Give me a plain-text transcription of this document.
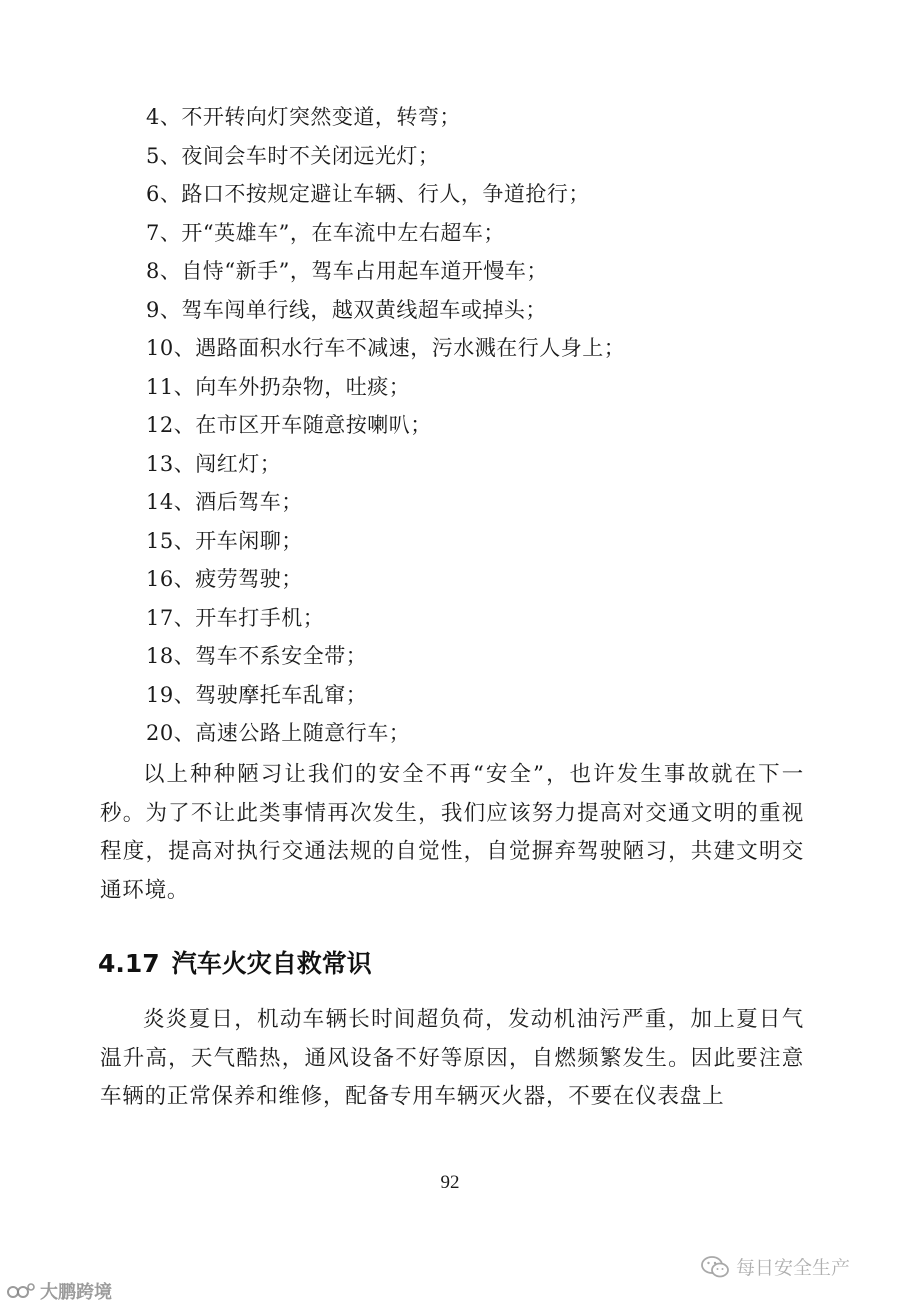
4、不开转向灯突然变道，转弯；
5、夜间会车时不关闭远光灯；
6、路口不按规定避让车辆、行人，争道抢行；
7、开“英雄车”，在车流中左右超车；
8、自恃“新手”，驾车占用起车道开慢车；
9、驾车闯单行线，越双黄线超车或掉头；
10、遇路面积水行车不减速，污水溅在行人身上；
11、向车外扔杂物，吐痰；
12、在市区开车随意按喇叭；
13、闯红灯；
14、酒后驾车；
15、开车闲聊；
16、疲劳驾驶；
17、开车打手机；
18、驾车不系安全带；
19、驾驶摩托车乱窜；
20、高速公路上随意行车；

以上种种陋习让我们的安全不再“安全”，也许发生事故就在下一秒。为了不让此类事情再次发生，我们应该努力提高对交通文明的重视程度，提高对执行交通法规的自觉性，自觉摒弃驾驶陋习，共建文明交通环境。

4.17 汽车火灾自救常识

炎炎夏日，机动车辆长时间超负荷，发动机油污严重，加上夏日气温升高，天气酷热，通风设备不好等原因，自燃频繁发生。因此要注意车辆的正常保养和维修，配备专用车辆灭火器，不要在仪表盘上

92
大鹏跨境
每日安全生产
